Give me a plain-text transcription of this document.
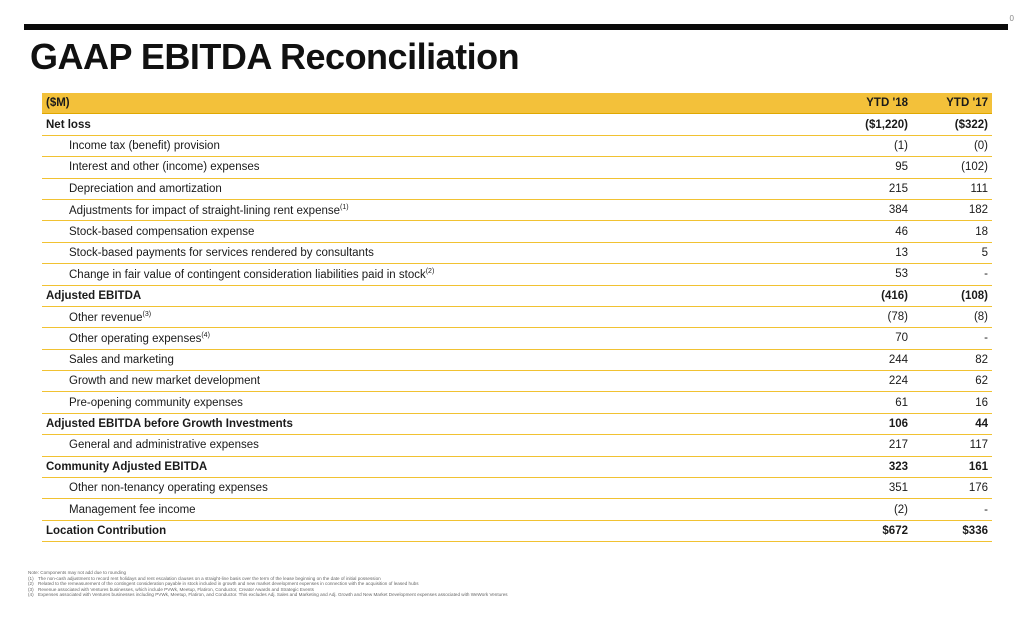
0
GAAP EBITDA Reconciliation
($M)	YTD '18	YTD '17
Net loss	($1,220)	($322)
Income tax (benefit) provision	(1)	(0)
Interest and other (income) expenses	95	(102)
Depreciation and amortization	215	111
Adjustments for impact of straight-lining rent expense$^{(1)}$	384	182
Stock-based compensation expense	46	18
Stock-based payments for services rendered by consultants	13	5
Change in fair value of contingent consideration liabilities paid in stock$^{(2)}$	53	-
Adjusted EBITDA	(416)	(108)
Other revenue$^{(3)}$	(78)	(8)
Other operating expenses$^{(4)}$	70	-
Sales and marketing	244	82
Growth and new market development	224	62
Pre-opening community expenses	61	16
Adjusted EBITDA before Growth Investments	106	44
General and administrative expenses	217	117
Community Adjusted EBITDA	323	161
Other non-tenancy operating expenses	351	176
Management fee income	(2)	-
Location Contribution	$672	$336
Note: Components may not add due to rounding
(1) The non-cash adjustment to record rent holidays and rent escalation clauses on a straight-line basis over the term of the lease beginning on the date of initial possession
(2) Related to the remeasurement of the contingent consideration payable in stock included in growth and new market development expenses in connection with the acquisition of leased hubs
(3) Revenue associated with Ventures businesses, which include PVWk, Meetup, Flatiron, Conductor, Creator Awards and Strategic Events
(4) Expenses associated with Ventures businesses including PVWk, Meetup, Flatiron, and Conductor. This excludes Adj. Sales and Marketing and Adj. Growth and New Market Development expenses associated with WeWork Ventures
